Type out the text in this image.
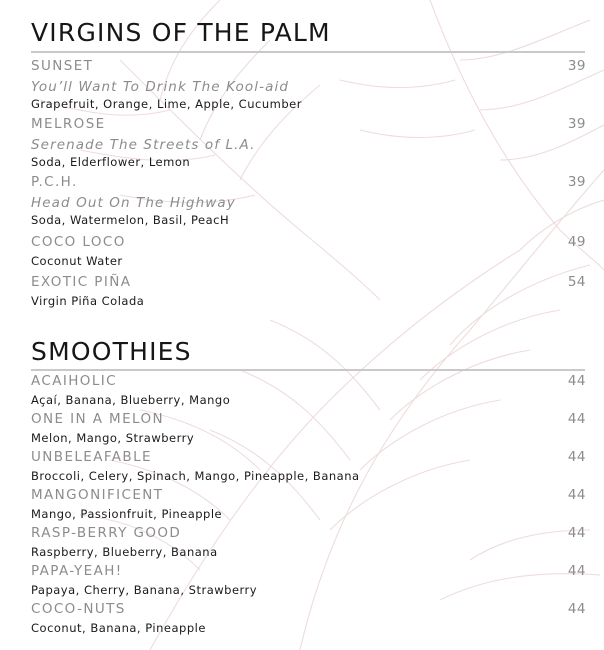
VIRGINS OF THE PALM
SUNSET	39
You’ll Want To Drink The Kool-aid
Grapefruit, Orange, Lime, Apple, Cucumber
MELROSE	39
Serenade The Streets of L.A.
Soda, Elderflower, Lemon
P.C.H.	39
Head Out On The Highway
Soda, Watermelon, Basil, PeacH
COCO LOCO	49
Coconut Water
EXOTIC PIÑA	54
Virgin Piña Colada
SMOOTHIES
ACAIHOLIC	44
Açaí, Banana, Blueberry, Mango
ONE IN A MELON	44
Melon, Mango, Strawberry
UNBELEAFABLE	44
Broccoli, Celery, Spinach, Mango, Pineapple, Banana
MANGONIFICENT	44
Mango, Passionfruit, Pineapple
RASP-BERRY GOOD	44
Raspberry, Blueberry, Banana
PAPA-YEAH!	44
Papaya, Cherry, Banana, Strawberry
COCO-NUTS	44
Coconut, Banana, Pineapple
